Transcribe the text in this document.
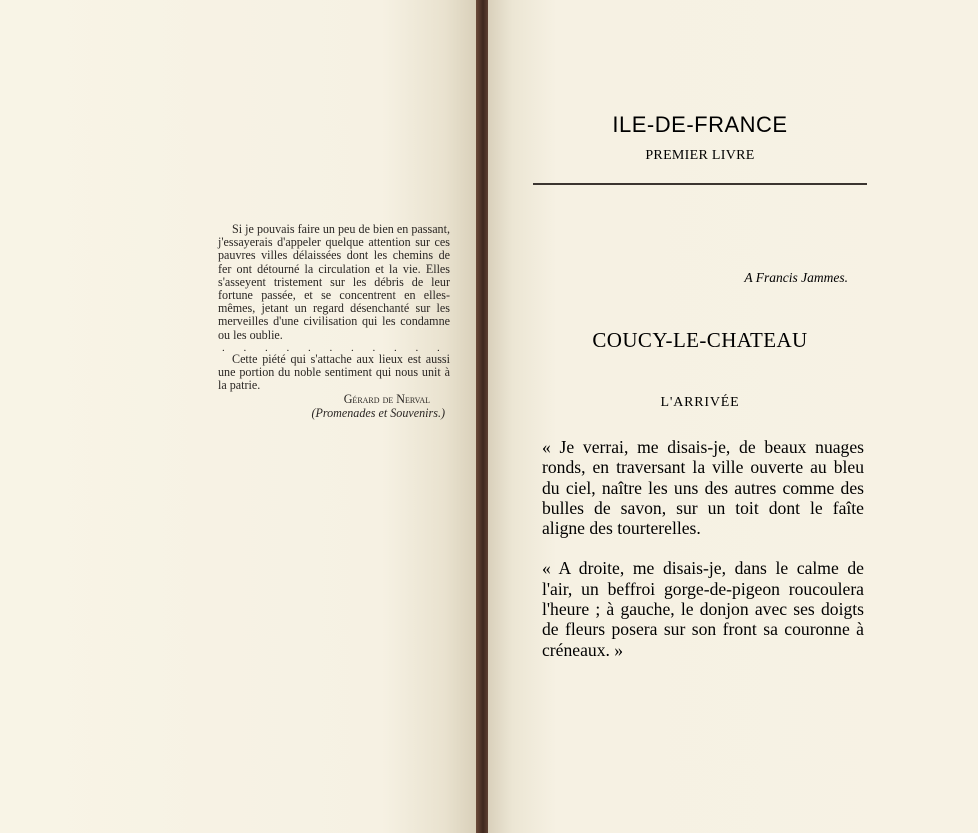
Si je pouvais faire un peu de bien en passant, j'essayerais d'appeler quelque attention sur ces pauvres villes délaissées dont les chemins de fer ont détourné la circulation et la vie. Elles s'asseyent tristement sur les débris de leur fortune passée, et se concentrent en elles-mêmes, jetant un regard désenchanté sur les merveilles d'une civilisation qui les condamne ou les oublie.

. . . . . . . . . . .

Cette piété qui s'attache aux lieux est aussi une portion du noble sentiment qui nous unit à la patrie.

Gérard de Nerval
(Promenades et Souvenirs.)
ILE-DE-FRANCE
PREMIER LIVRE
A Francis Jammes.
COUCY-LE-CHATEAU
L'ARRIVÉE

« Je verrai, me disais-je, de beaux nuages ronds, en traversant la ville ouverte au bleu du ciel, naître les uns des autres comme des bulles de savon, sur un toit dont le faîte aligne des tourterelles.

« A droite, me disais-je, dans le calme de l'air, un beffroi gorge-de-pigeon roucoulera l'heure ; à gauche, le donjon avec ses doigts de fleurs posera sur son front sa couronne à créneaux. »
